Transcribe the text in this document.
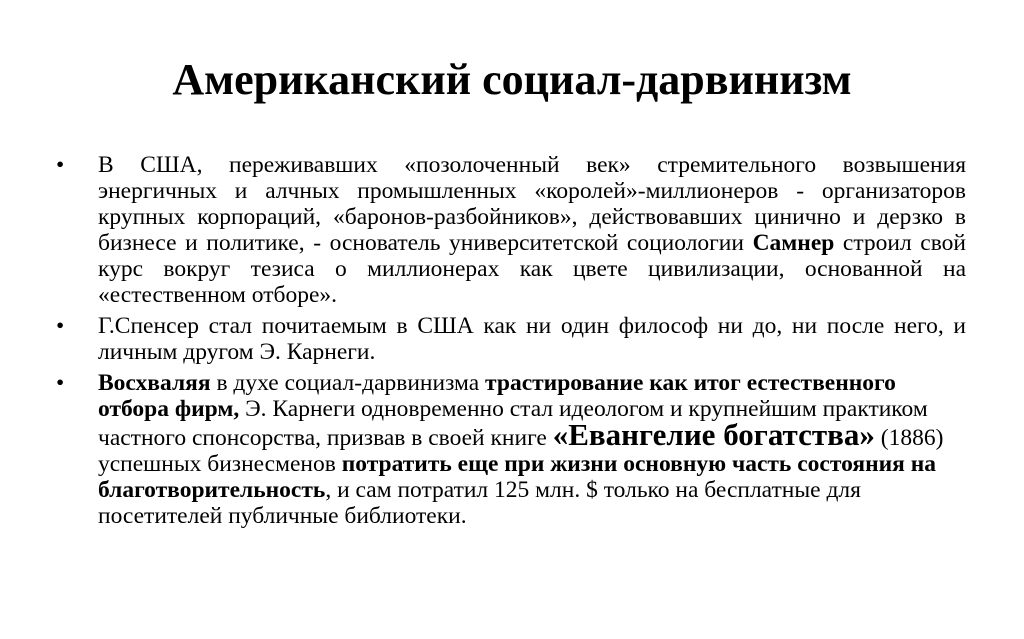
Американский социал-дарвинизм
• В США, переживавших «позолоченный век» стремительного возвышения энергичных и алчных промышленных «королей»-миллионеров - организаторов крупных корпораций, «баронов-разбойников», действовавших цинично и дерзко в бизнесе и политике, - основатель университетской социологии Самнер строил свой курс вокруг тезиса о миллионерах как цвете цивилизации, основанной на «естественном отборе».
• Г.Спенсер стал почитаемым в США как ни один философ ни до, ни после него, и личным другом Э. Карнеги.
• Восхваляя в духе социал-дарвинизма трастирование как итог естественного отбора фирм, Э. Карнеги одновременно стал идеологом и крупнейшим практиком частного спонсорства, призвав в своей книге «Евангелие богатства» (1886) успешных бизнесменов потратить еще при жизни основную часть состояния на благотворительность, и сам потратил 125 млн. $ только на бесплатные для посетителей публичные библиотеки.
